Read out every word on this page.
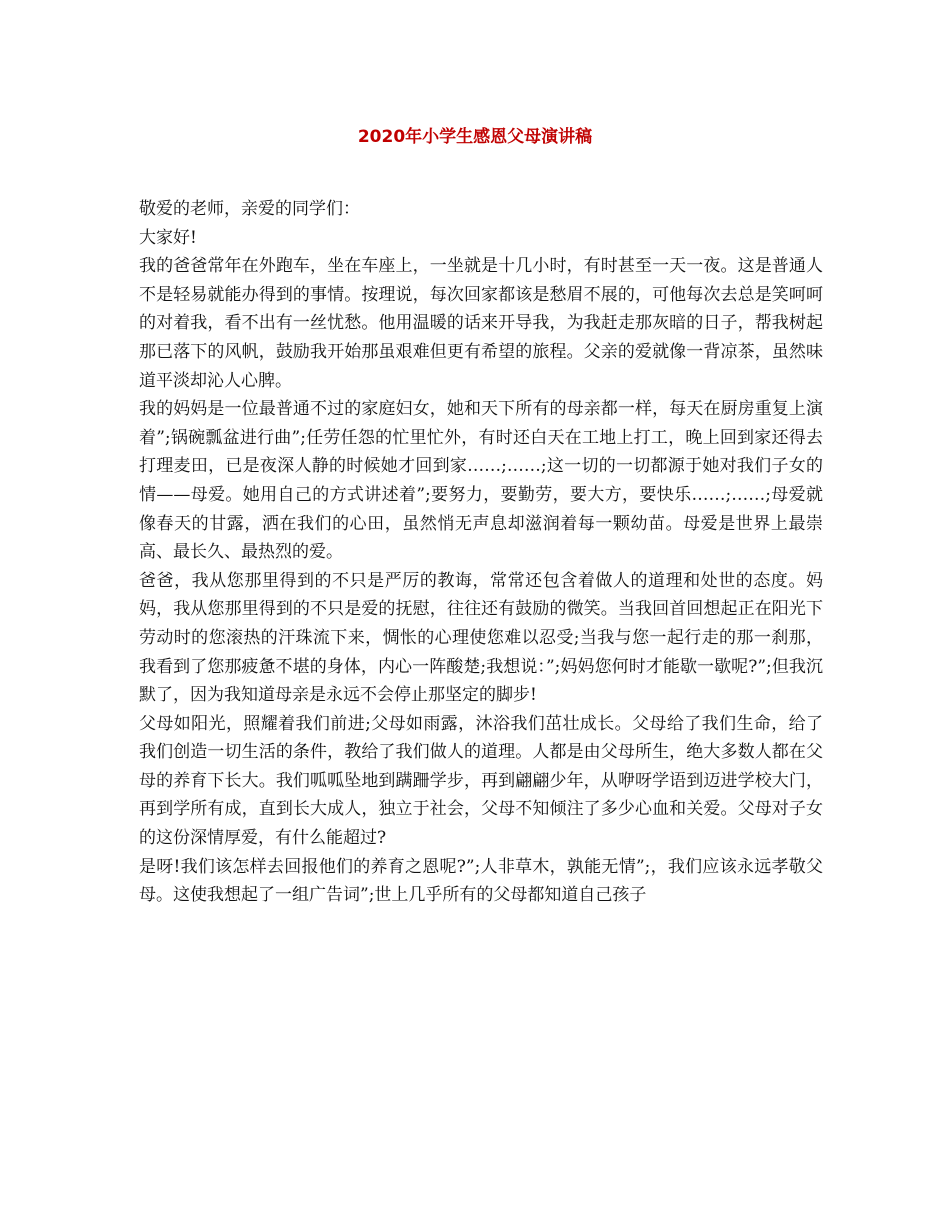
2020年小学生感恩父母演讲稿

敬爱的老师，亲爱的同学们：

大家好!

我的爸爸常年在外跑车，坐在车座上，一坐就是十几小时，有时甚至一天一夜。这是普通人不是轻易就能办得到的事情。按理说，每次回家都该是愁眉不展的，可他每次去总是笑呵呵的对着我，看不出有一丝忧愁。他用温暖的话来开导我，为我赶走那灰暗的日子，帮我树起那已落下的风帆，鼓励我开始那虽艰难但更有希望的旅程。父亲的爱就像一背凉茶，虽然味道平淡却沁人心脾。

我的妈妈是一位最普通不过的家庭妇女，她和天下所有的母亲都一样，每天在厨房重复上演着”;锅碗瓢盆进行曲”;任劳任怨的忙里忙外，有时还白天在工地上打工，晚上回到家还得去打理麦田，已是夜深人静的时候她才回到家……;……;这一切的一切都源于她对我们子女的情——母爱。她用自己的方式讲述着”;要努力，要勤劳，要大方，要快乐……;……;母爱就像春天的甘露，洒在我们的心田，虽然悄无声息却滋润着每一颗幼苗。母爱是世界上最崇高、最长久、最热烈的爱。

爸爸，我从您那里得到的不只是严厉的教诲，常常还包含着做人的道理和处世的态度。妈妈，我从您那里得到的不只是爱的抚慰，往往还有鼓励的微笑。当我回首回想起正在阳光下劳动时的您滚热的汗珠流下来，惆怅的心理使您难以忍受;当我与您一起行走的那一刹那，我看到了您那疲惫不堪的身体，内心一阵酸楚;我想说：”;妈妈您何时才能歇一歇呢?”;但我沉默了，因为我知道母亲是永远不会停止那坚定的脚步!

父母如阳光，照耀着我们前进;父母如雨露，沐浴我们茁壮成长。父母给了我们生命，给了我们创造一切生活的条件，教给了我们做人的道理。人都是由父母所生，绝大多数人都在父母的养育下长大。我们呱呱坠地到蹒跚学步，再到翩翩少年，从咿呀学语到迈进学校大门，再到学所有成，直到长大成人，独立于社会，父母不知倾注了多少心血和关爱。父母对子女的这份深情厚爱，有什么能超过?

是呀!我们该怎样去回报他们的养育之恩呢?”;人非草木，孰能无情”;，我们应该永远孝敬父母。这使我想起了一组广告词”;世上几乎所有的父母都知道自己孩子
